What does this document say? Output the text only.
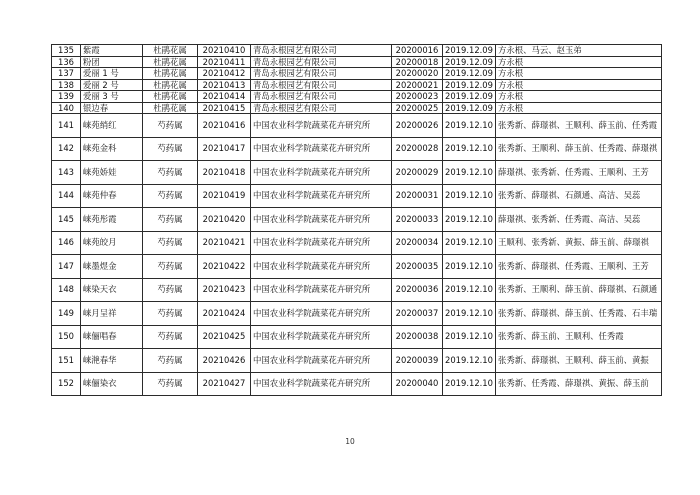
135	紫霞	杜鹃花属	20210410	青岛永根园艺有限公司	20200016	2019.12.09	方永根、马云、赵玉弟
136	粉团	杜鹃花属	20210411	青岛永根园艺有限公司	20200018	2019.12.09	方永根
137	爱丽 1 号	杜鹃花属	20210412	青岛永根园艺有限公司	20200020	2019.12.09	方永根
138	爱丽 2 号	杜鹃花属	20210413	青岛永根园艺有限公司	20200021	2019.12.09	方永根
139	爱丽 3 号	杜鹃花属	20210414	青岛永根园艺有限公司	20200023	2019.12.09	方永根
140	银边春	杜鹃花属	20210415	青岛永根园艺有限公司	20200025	2019.12.09	方永根
141	崃苑绡红	芍药属	20210416	中国农业科学院蔬菜花卉研究所	20200026	2019.12.10	张秀新、薛璟祺、王顺利、薛玉前、任秀霞
142	崃苑金科	芍药属	20210417	中国农业科学院蔬菜花卉研究所	20200028	2019.12.10	张秀新、王顺利、薛玉前、任秀霞、薛璟祺
143	崃苑娇娃	芍药属	20210418	中国农业科学院蔬菜花卉研究所	20200029	2019.12.10	薛璟祺、张秀新、任秀霞、王顺利、王芳
144	崃苑仲春	芍药属	20210419	中国农业科学院蔬菜花卉研究所	20200031	2019.12.10	张秀新、薛璟祺、石颜通、高洁、吴蕊
145	崃苑彤霞	芍药属	20210420	中国农业科学院蔬菜花卉研究所	20200033	2019.12.10	薛璟祺、张秀新、任秀霞、高洁、吴蕊
146	崃苑皎月	芍药属	20210421	中国农业科学院蔬菜花卉研究所	20200034	2019.12.10	王顺利、张秀新、黄振、薛玉前、薛璟祺
147	崃墨煜金	芍药属	20210422	中国农业科学院蔬菜花卉研究所	20200035	2019.12.10	张秀新、薛璟祺、任秀霞、王顺利、王芳
148	崃染天衣	芍药属	20210423	中国农业科学院蔬菜花卉研究所	20200036	2019.12.10	张秀新、王顺利、薛玉前、薛璟祺、石颜通
149	崃月呈祥	芍药属	20210424	中国农业科学院蔬菜花卉研究所	20200037	2019.12.10	张秀新、薛璟祺、薛玉前、任秀霞、石丰瑞
150	崃俪唱春	芍药属	20210425	中国农业科学院蔬菜花卉研究所	20200038	2019.12.10	张秀新、薛玉前、王顺利、任秀霞
151	崃滟春华	芍药属	20210426	中国农业科学院蔬菜花卉研究所	20200039	2019.12.10	张秀新、薛璟祺、王顺利、薛玉前、黄振
152	崃俪染衣	芍药属	20210427	中国农业科学院蔬菜花卉研究所	20200040	2019.12.10	张秀新、任秀霞、薛璟祺、黄振、薛玉前
10
